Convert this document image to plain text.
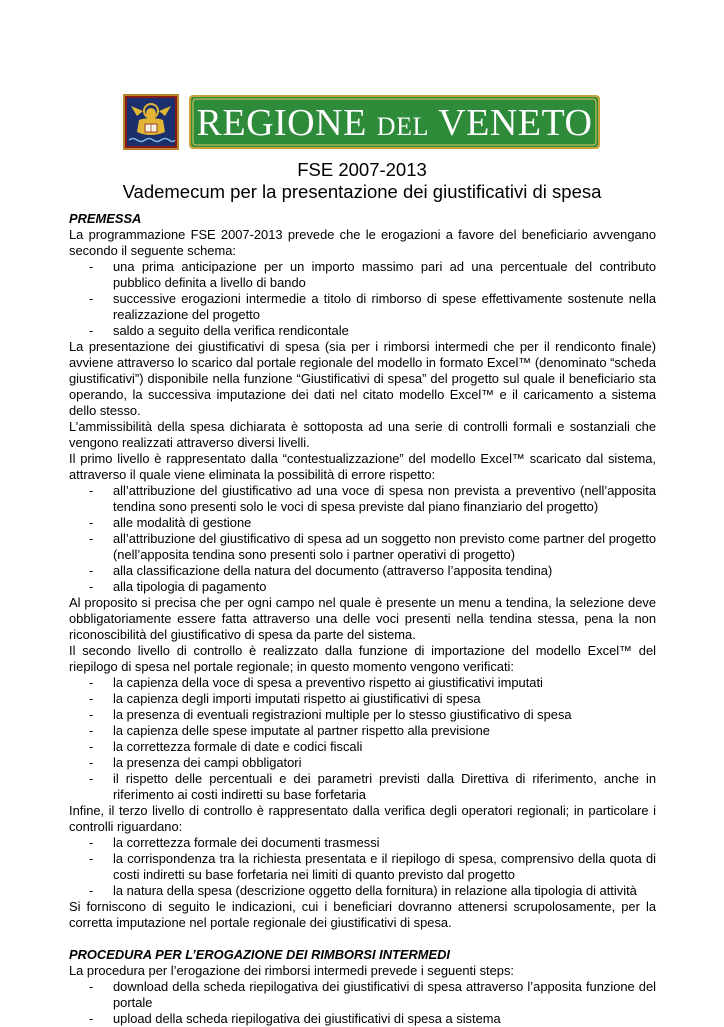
REGIONE DEL VENETO
FSE 2007-2013
Vademecum per la presentazione dei giustificativi di spesa
PREMESSA

La programmazione FSE 2007-2013 prevede che le erogazioni a favore del beneficiario avvengano secondo il seguente schema:

- una prima anticipazione per un importo massimo pari ad una percentuale del contributo pubblico definita a livello di bando
- successive erogazioni intermedie a titolo di rimborso di spese effettivamente sostenute nella realizzazione del progetto
- saldo a seguito della verifica rendicontale

La presentazione dei giustificativi di spesa (sia per i rimborsi intermedi che per il rendiconto finale) avviene attraverso lo scarico dal portale regionale del modello in formato Excel™ (denominato “scheda giustificativi”) disponibile nella funzione “Giustificativi di spesa” del progetto sul quale il beneficiario sta operando, la successiva imputazione dei dati nel citato modello Excel™ e il caricamento a sistema dello stesso.

L’ammissibilità della spesa dichiarata è sottoposta ad una serie di controlli formali e sostanziali che vengono realizzati attraverso diversi livelli.

Il primo livello è rappresentato dalla “contestualizzazione” del modello Excel™ scaricato dal sistema, attraverso il quale viene eliminata la possibilità di errore rispetto:

- all’attribuzione del giustificativo ad una voce di spesa non prevista a preventivo (nell’apposita tendina sono presenti solo le voci di spesa previste dal piano finanziario del progetto)
- alle modalità di gestione
- all’attribuzione del giustificativo di spesa ad un soggetto non previsto come partner del progetto (nell’apposita tendina sono presenti solo i partner operativi di progetto)
- alla classificazione della natura del documento (attraverso l’apposita tendina)
- alla tipologia di pagamento

Al proposito si precisa che per ogni campo nel quale è presente un menu a tendina, la selezione deve obbligatoriamente essere fatta attraverso una delle voci presenti nella tendina stessa, pena la non riconoscibilità del giustificativo di spesa da parte del sistema.

Il secondo livello di controllo è realizzato dalla funzione di importazione del modello Excel™ del riepilogo di spesa nel portale regionale; in questo momento vengono verificati:

- la capienza della voce di spesa a preventivo rispetto ai giustificativi imputati
- la capienza degli importi imputati rispetto ai giustificativi di spesa
- la presenza di eventuali registrazioni multiple per lo stesso giustificativo di spesa
- la capienza delle spese imputate al partner rispetto alla previsione
- la correttezza formale di date e codici fiscali
- la presenza dei campi obbligatori
- il rispetto delle percentuali e dei parametri previsti dalla Direttiva di riferimento, anche in riferimento ai costi indiretti su base forfetaria

Infine, il terzo livello di controllo è rappresentato dalla verifica degli operatori regionali; in particolare i controlli riguardano:

- la correttezza formale dei documenti trasmessi
- la corrispondenza tra la richiesta presentata e il riepilogo di spesa, comprensivo della quota di costi indiretti su base forfetaria nei limiti di quanto previsto dal progetto
- la natura della spesa (descrizione oggetto della fornitura) in relazione alla tipologia di attività

Si forniscono di seguito le indicazioni, cui i beneficiari dovranno attenersi scrupolosamente, per la corretta imputazione nel portale regionale dei giustificativi di spesa.

PROCEDURA PER L’EROGAZIONE DEI RIMBORSI INTERMEDI

La procedura per l’erogazione dei rimborsi intermedi prevede i seguenti steps:

- download della scheda riepilogativa dei giustificativi di spesa attraverso l’apposita funzione del portale
- upload della scheda riepilogativa dei giustificativi di spesa a sistema
